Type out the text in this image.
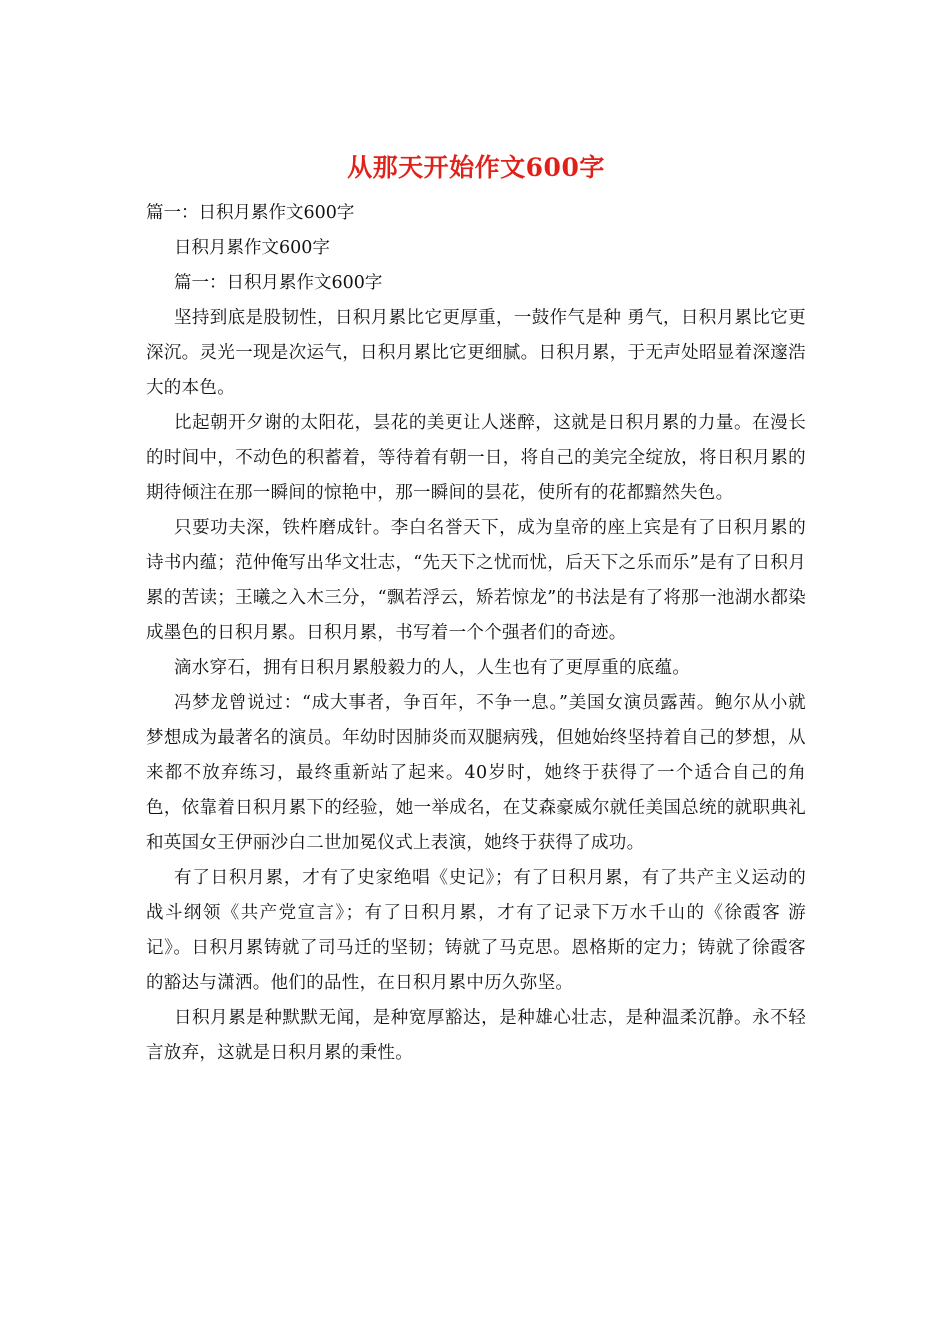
从那天开始作文600字

篇一：日积月累作文600字

日积月累作文600字

篇一：日积月累作文600字

坚持到底是股韧性，日积月累比它更厚重，一鼓作气是种 勇气，日积月累比它更深沉。灵光一现是次运气，日积月累比它更细腻。日积月累，于无声处昭显着深邃浩大的本色。

比起朝开夕谢的太阳花，昙花的美更让人迷醉，这就是日积月累的力量。在漫长的时间中，不动色的积蓄着，等待着有朝一日，将自己的美完全绽放，将日积月累的期待倾注在那一瞬间的惊艳中，那一瞬间的昙花，使所有的花都黯然失色。

只要功夫深，铁杵磨成针。李白名誉天下，成为皇帝的座上宾是有了日积月累的诗书内蕴；范仲俺写出华文壮志，“先天下之忧而忧，后天下之乐而乐”是有了日积月累的苦读；王曦之入木三分，“飘若浮云，矫若惊龙”的书法是有了将那一池湖水都染成墨色的日积月累。日积月累，书写着一个个强者们的奇迹。

滴水穿石，拥有日积月累般毅力的人，人生也有了更厚重的底蕴。

冯梦龙曾说过：“成大事者，争百年，不争一息。”美国女演员露茜。鲍尔从小就梦想成为最著名的演员。年幼时因肺炎而双腿病残，但她始终坚持着自己的梦想，从来都不放弃练习，最终重新站了起来。40岁时，她终于获得了一个适合自己的角色，依靠着日积月累下的经验，她一举成名，在艾森豪威尔就任美国总统的就职典礼和英国女王伊丽沙白二世加冕仪式上表演，她终于获得了成功。

有了日积月累，才有了史家绝唱《史记》；有了日积月累，有了共产主义运动的战斗纲领《共产党宣言》；有了日积月累，才有了记录下万水千山的《徐霞客 游记》。日积月累铸就了司马迁的坚韧；铸就了马克思。恩格斯的定力；铸就了徐霞客的豁达与潇洒。他们的品性，在日积月累中历久弥坚。

日积月累是种默默无闻，是种宽厚豁达，是种雄心壮志，是种温柔沉静。永不轻言放弃，这就是日积月累的秉性。
